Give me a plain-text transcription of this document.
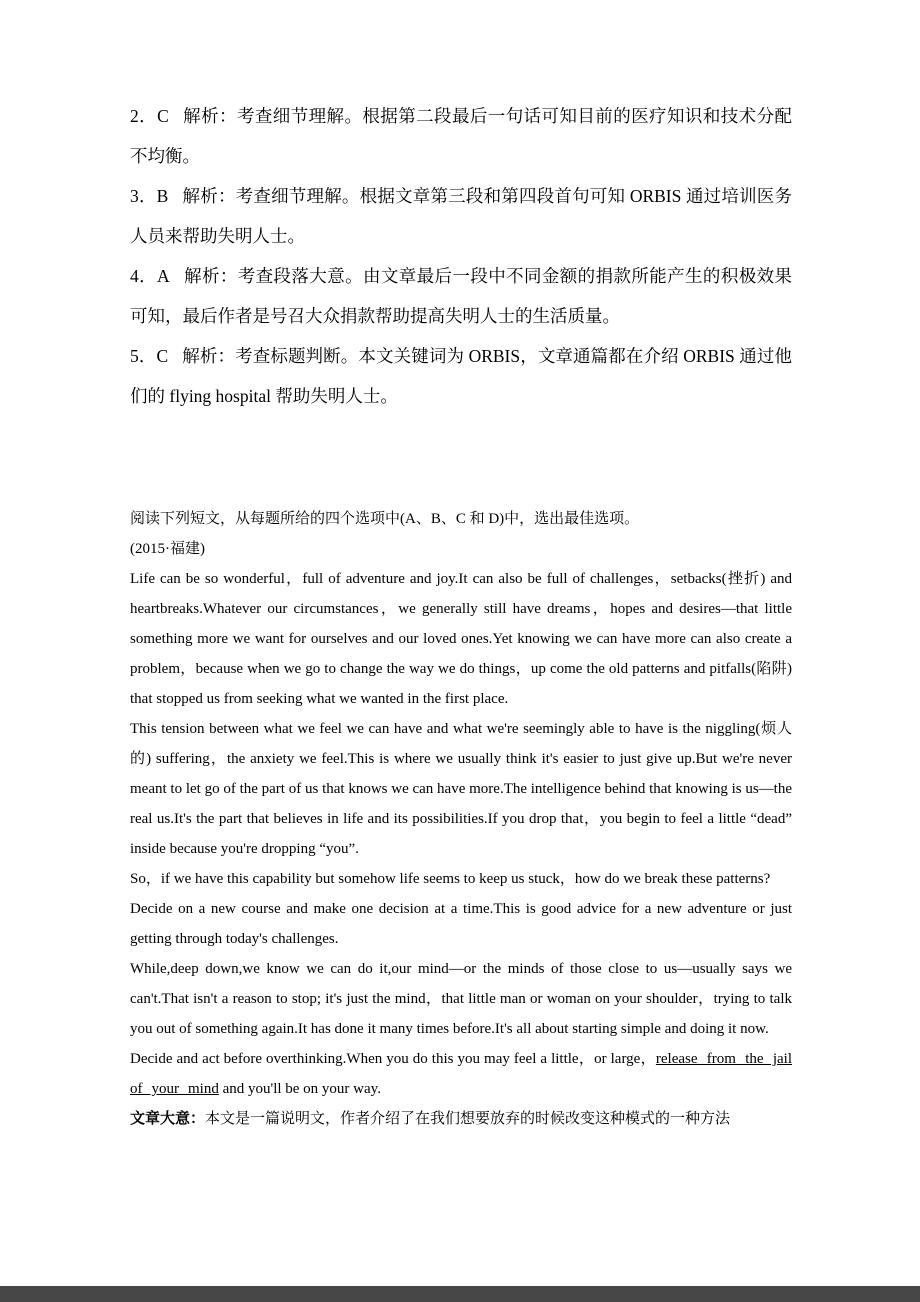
2．C 解析：考查细节理解。根据第二段最后一句话可知目前的医疗知识和技术分配不均衡。

3．B 解析：考查细节理解。根据文章第三段和第四段首句可知 ORBIS 通过培训医务人员来帮助失明人士。

4．A 解析：考查段落大意。由文章最后一段中不同金额的捐款所能产生的积极效果可知，最后作者是号召大众捐款帮助提高失明人士的生活质量。

5．C 解析：考查标题判断。本文关键词为 ORBIS，文章通篇都在介绍 ORBIS 通过他们的 flying hospital 帮助失明人士。

阅读下列短文，从每题所给的四个选项中(A、B、C 和 D)中，选出最佳选项。

(2015·福建)

Life can be so wonderful，full of adventure and joy.It can also be full of challenges，setbacks(挫折) and heartbreaks.Whatever our circumstances，we generally still have dreams，hopes and desires—that little something more we want for ourselves and our loved ones.Yet knowing we can have more can also create a problem，because when we go to change the way we do things，up come the old patterns and pitfalls(陷阱) that stopped us from seeking what we wanted in the first place.

This tension between what we feel we can have and what we're seemingly able to have is the niggling(烦人的) suffering，the anxiety we feel.This is where we usually think it's easier to just give up.But we're never meant to let go of the part of us that knows we can have more.The intelligence behind that knowing is us—the real us.It's the part that believes in life and its possibilities.If you drop that，you begin to feel a little “dead” inside because you're dropping “you”.

So，if we have this capability but somehow life seems to keep us stuck，how do we break these patterns?

Decide on a new course and make one decision at a time.This is good advice for a new adventure or just getting through today's challenges.

While,deep down,we know we can do it,our mind—or the minds of those close to us—usually says we can't.That isn't a reason to stop; it's just the mind，that little man or woman on your shoulder，trying to talk you out of something again.It has done it many times before.It's all about starting simple and doing it now.

Decide and act before overthinking.When you do this you may feel a little，or large，release from the jail of your mind and you'll be on your way.

文章大意：本文是一篇说明文，作者介绍了在我们想要放弃的时候改变这种模式的一种方法
